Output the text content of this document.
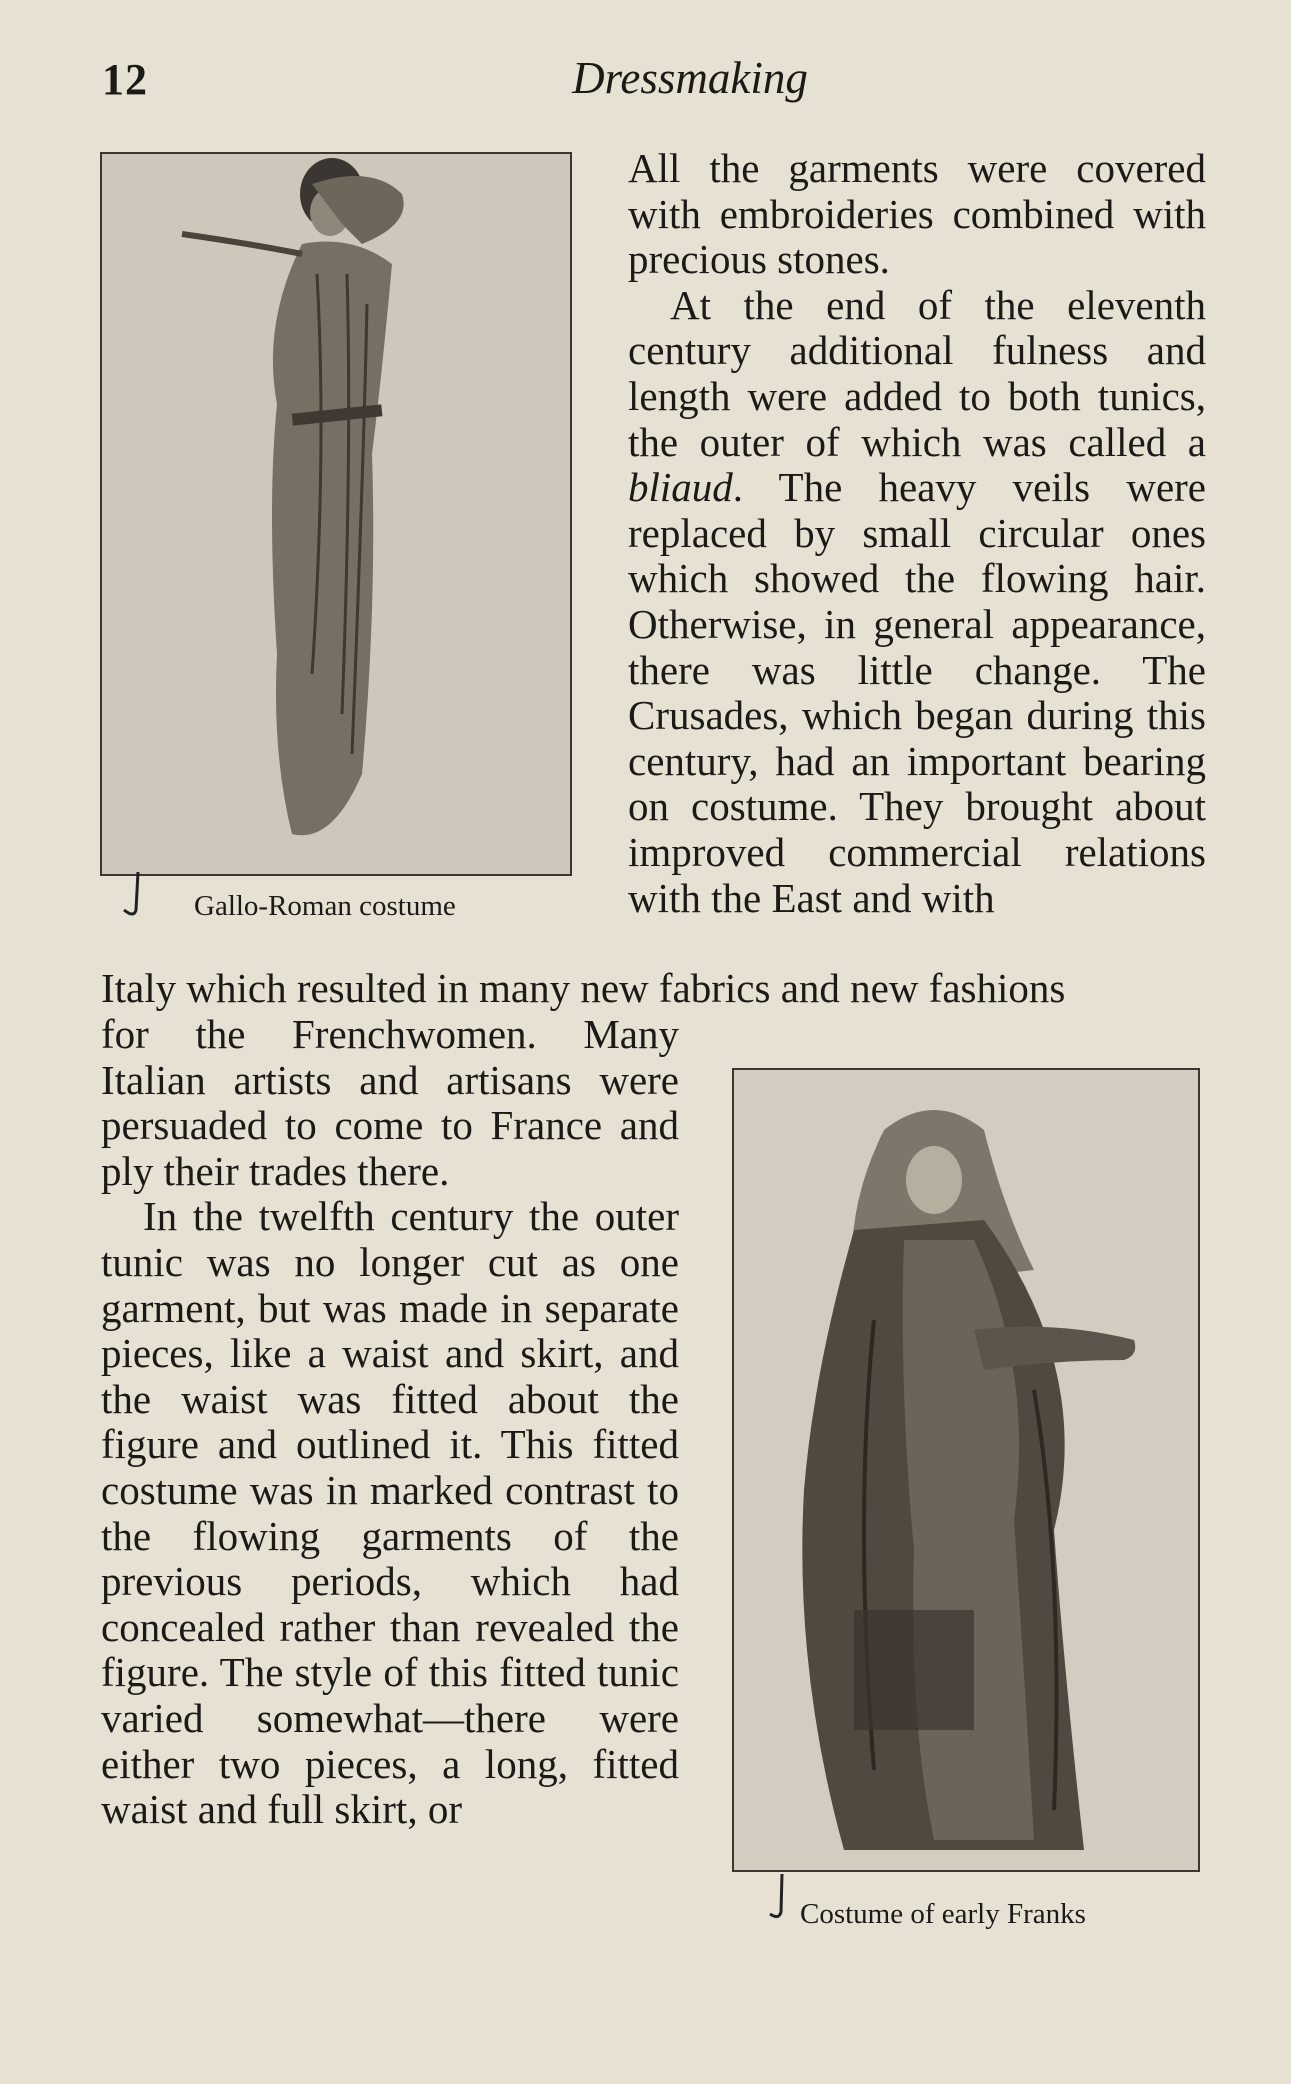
12	Dressmaking
Gallo-Roman costume

All the garments were covered with embroideries combined with precious stones.

At the end of the eleventh century additional fulness and length were added to both tunics, the outer of which was called a bliaud. The heavy veils were replaced by small circular ones which showed the flowing hair. Otherwise, in general appearance, there was little change. The Crusades, which began during this century, had an important bearing on costume. They brought about improved commercial relations with the East and with

Italy which resulted in many new fabrics and new fashions

for the Frenchwomen. Many Italian artists and artisans were persuaded to come to France and ply their trades there.

In the twelfth century the outer tunic was no longer cut as one garment, but was made in separate pieces, like a waist and skirt, and the waist was fitted about the figure and outlined it. This fitted costume was in marked contrast to the flowing garments of the previous periods, which had concealed rather than revealed the figure. The style of this fitted tunic varied somewhat—there were either two pieces, a long, fitted waist and full skirt, or

Costume of early Franks
